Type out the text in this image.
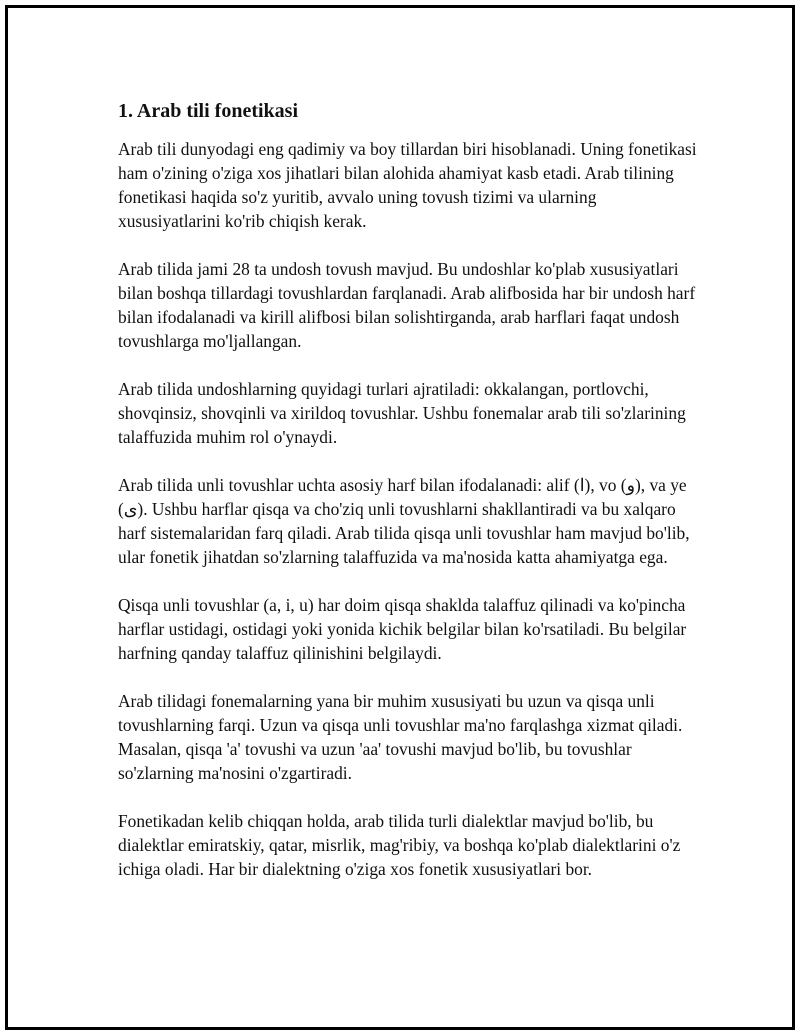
1. Arab tili fonetikasi

Arab tili dunyodagi eng qadimiy va boy tillardan biri hisoblanadi. Uning fonetikasi ham o'zining o'ziga xos jihatlari bilan alohida ahamiyat kasb etadi. Arab tilining fonetikasi haqida so'z yuritib, avvalo uning tovush tizimi va ularning xususiyatlarini ko'rib chiqish kerak.

Arab tilida jami 28 ta undosh tovush mavjud. Bu undoshlar ko'plab xususiyatlari bilan boshqa tillardagi tovushlardan farqlanadi. Arab alifbosida har bir undosh harf bilan ifodalanadi va kirill alifbosi bilan solishtirganda, arab harflari faqat undosh tovushlarga mo'ljallangan.

Arab tilida undoshlarning quyidagi turlari ajratiladi: okkalangan, portlovchi, shovqinsiz, shovqinli va xirildoq tovushlar. Ushbu fonemalar arab tili so'zlarining talaffuzida muhim rol o'ynaydi.

Arab tilida unli tovushlar uchta asosiy harf bilan ifodalanadi: alif (ا), vo (و), va ye (ى). Ushbu harflar qisqa va cho'ziq unli tovushlarni shakllantiradi va bu xalqaro harf sistemalaridan farq qiladi. Arab tilida qisqa unli tovushlar ham mavjud bo'lib, ular fonetik jihatdan so'zlarning talaffuzida va ma'nosida katta ahamiyatga ega.

Qisqa unli tovushlar (a, i, u) har doim qisqa shaklda talaffuz qilinadi va ko'pincha harflar ustidagi, ostidagi yoki yonida kichik belgilar bilan ko'rsatiladi. Bu belgilar harfning qanday talaffuz qilinishini belgilaydi.

Arab tilidagi fonemalarning yana bir muhim xususiyati bu uzun va qisqa unli tovushlarning farqi. Uzun va qisqa unli tovushlar ma'no farqlashga xizmat qiladi. Masalan, qisqa 'a' tovushi va uzun 'aa' tovushi mavjud bo'lib, bu tovushlar so'zlarning ma'nosini o'zgartiradi.

Fonetikadan kelib chiqqan holda, arab tilida turli dialektlar mavjud bo'lib, bu dialektlar emiratskiy, qatar, misrlik, mag'ribiy, va boshqa ko'plab dialektlarini o'z ichiga oladi. Har bir dialektning o'ziga xos fonetik xususiyatlari bor.
